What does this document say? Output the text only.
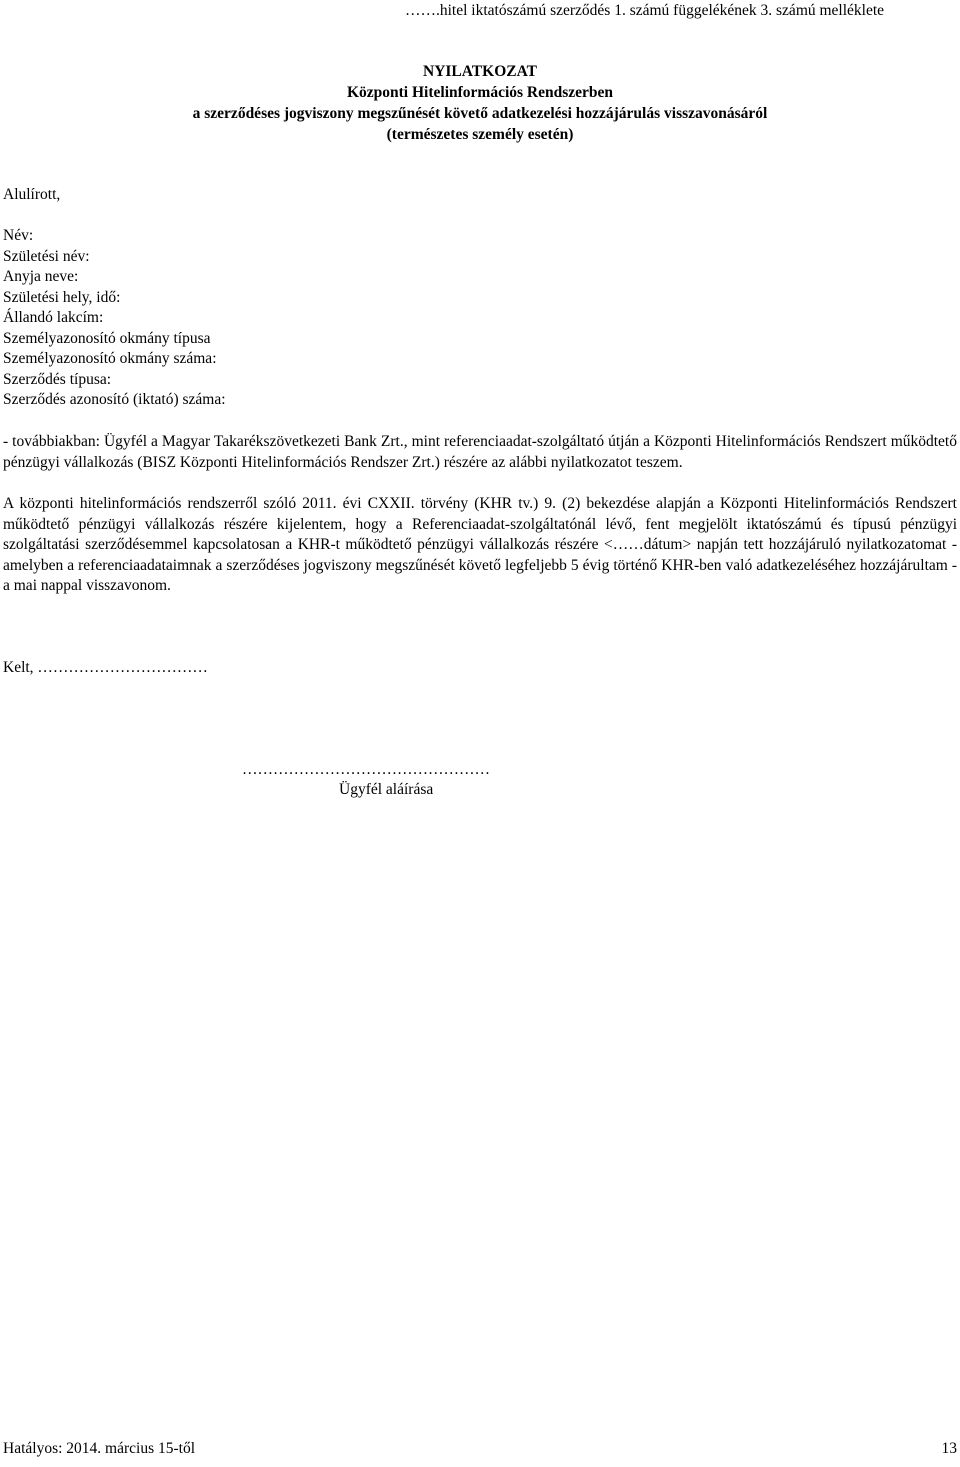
…….hitel iktatószámú szerződés 1. számú függelékének 3. számú melléklete
NYILATKOZAT
Központi Hitelinformációs Rendszerben
a szerződéses jogviszony megszűnését követő adatkezelési hozzájárulás visszavonásáról
(természetes személy esetén)
Alulírott,
Név:
Születési név:
Anyja neve:
Születési hely, idő:
Állandó lakcím:
Személyazonosító okmány típusa
Személyazonosító okmány száma:
Szerződés típusa:
Szerződés azonosító (iktató) száma:
- továbbiakban: Ügyfél a Magyar Takarékszövetkezeti Bank Zrt., mint referenciaadat-szolgáltató útján a Központi Hitelinformációs Rendszert működtető pénzügyi vállalkozás (BISZ Központi Hitelinformációs Rendszer Zrt.) részére az alábbi nyilatkozatot teszem.
A központi hitelinformációs rendszerről szóló 2011. évi CXXII. törvény (KHR tv.) 9. (2) bekezdése alapján a Központi Hitelinformációs Rendszert működtető pénzügyi vállalkozás részére kijelentem, hogy a Referenciaadat-szolgáltatónál lévő, fent megjelölt iktatószámú és típusú pénzügyi szolgáltatási szerződésemmel kapcsolatosan a KHR-t működtető pénzügyi vállalkozás részére <……dátum> napján tett hozzájáruló nyilatkozatomat - amelyben a referenciaadataimnak a szerződéses jogviszony megszűnését követő legfeljebb 5 évig történő KHR-ben való adatkezeléséhez hozzájárultam - a mai nappal visszavonom.
Kelt, ……………………………
…………………………………………
Ügyfél aláírása
Hatályos: 2014. március 15-től	13
